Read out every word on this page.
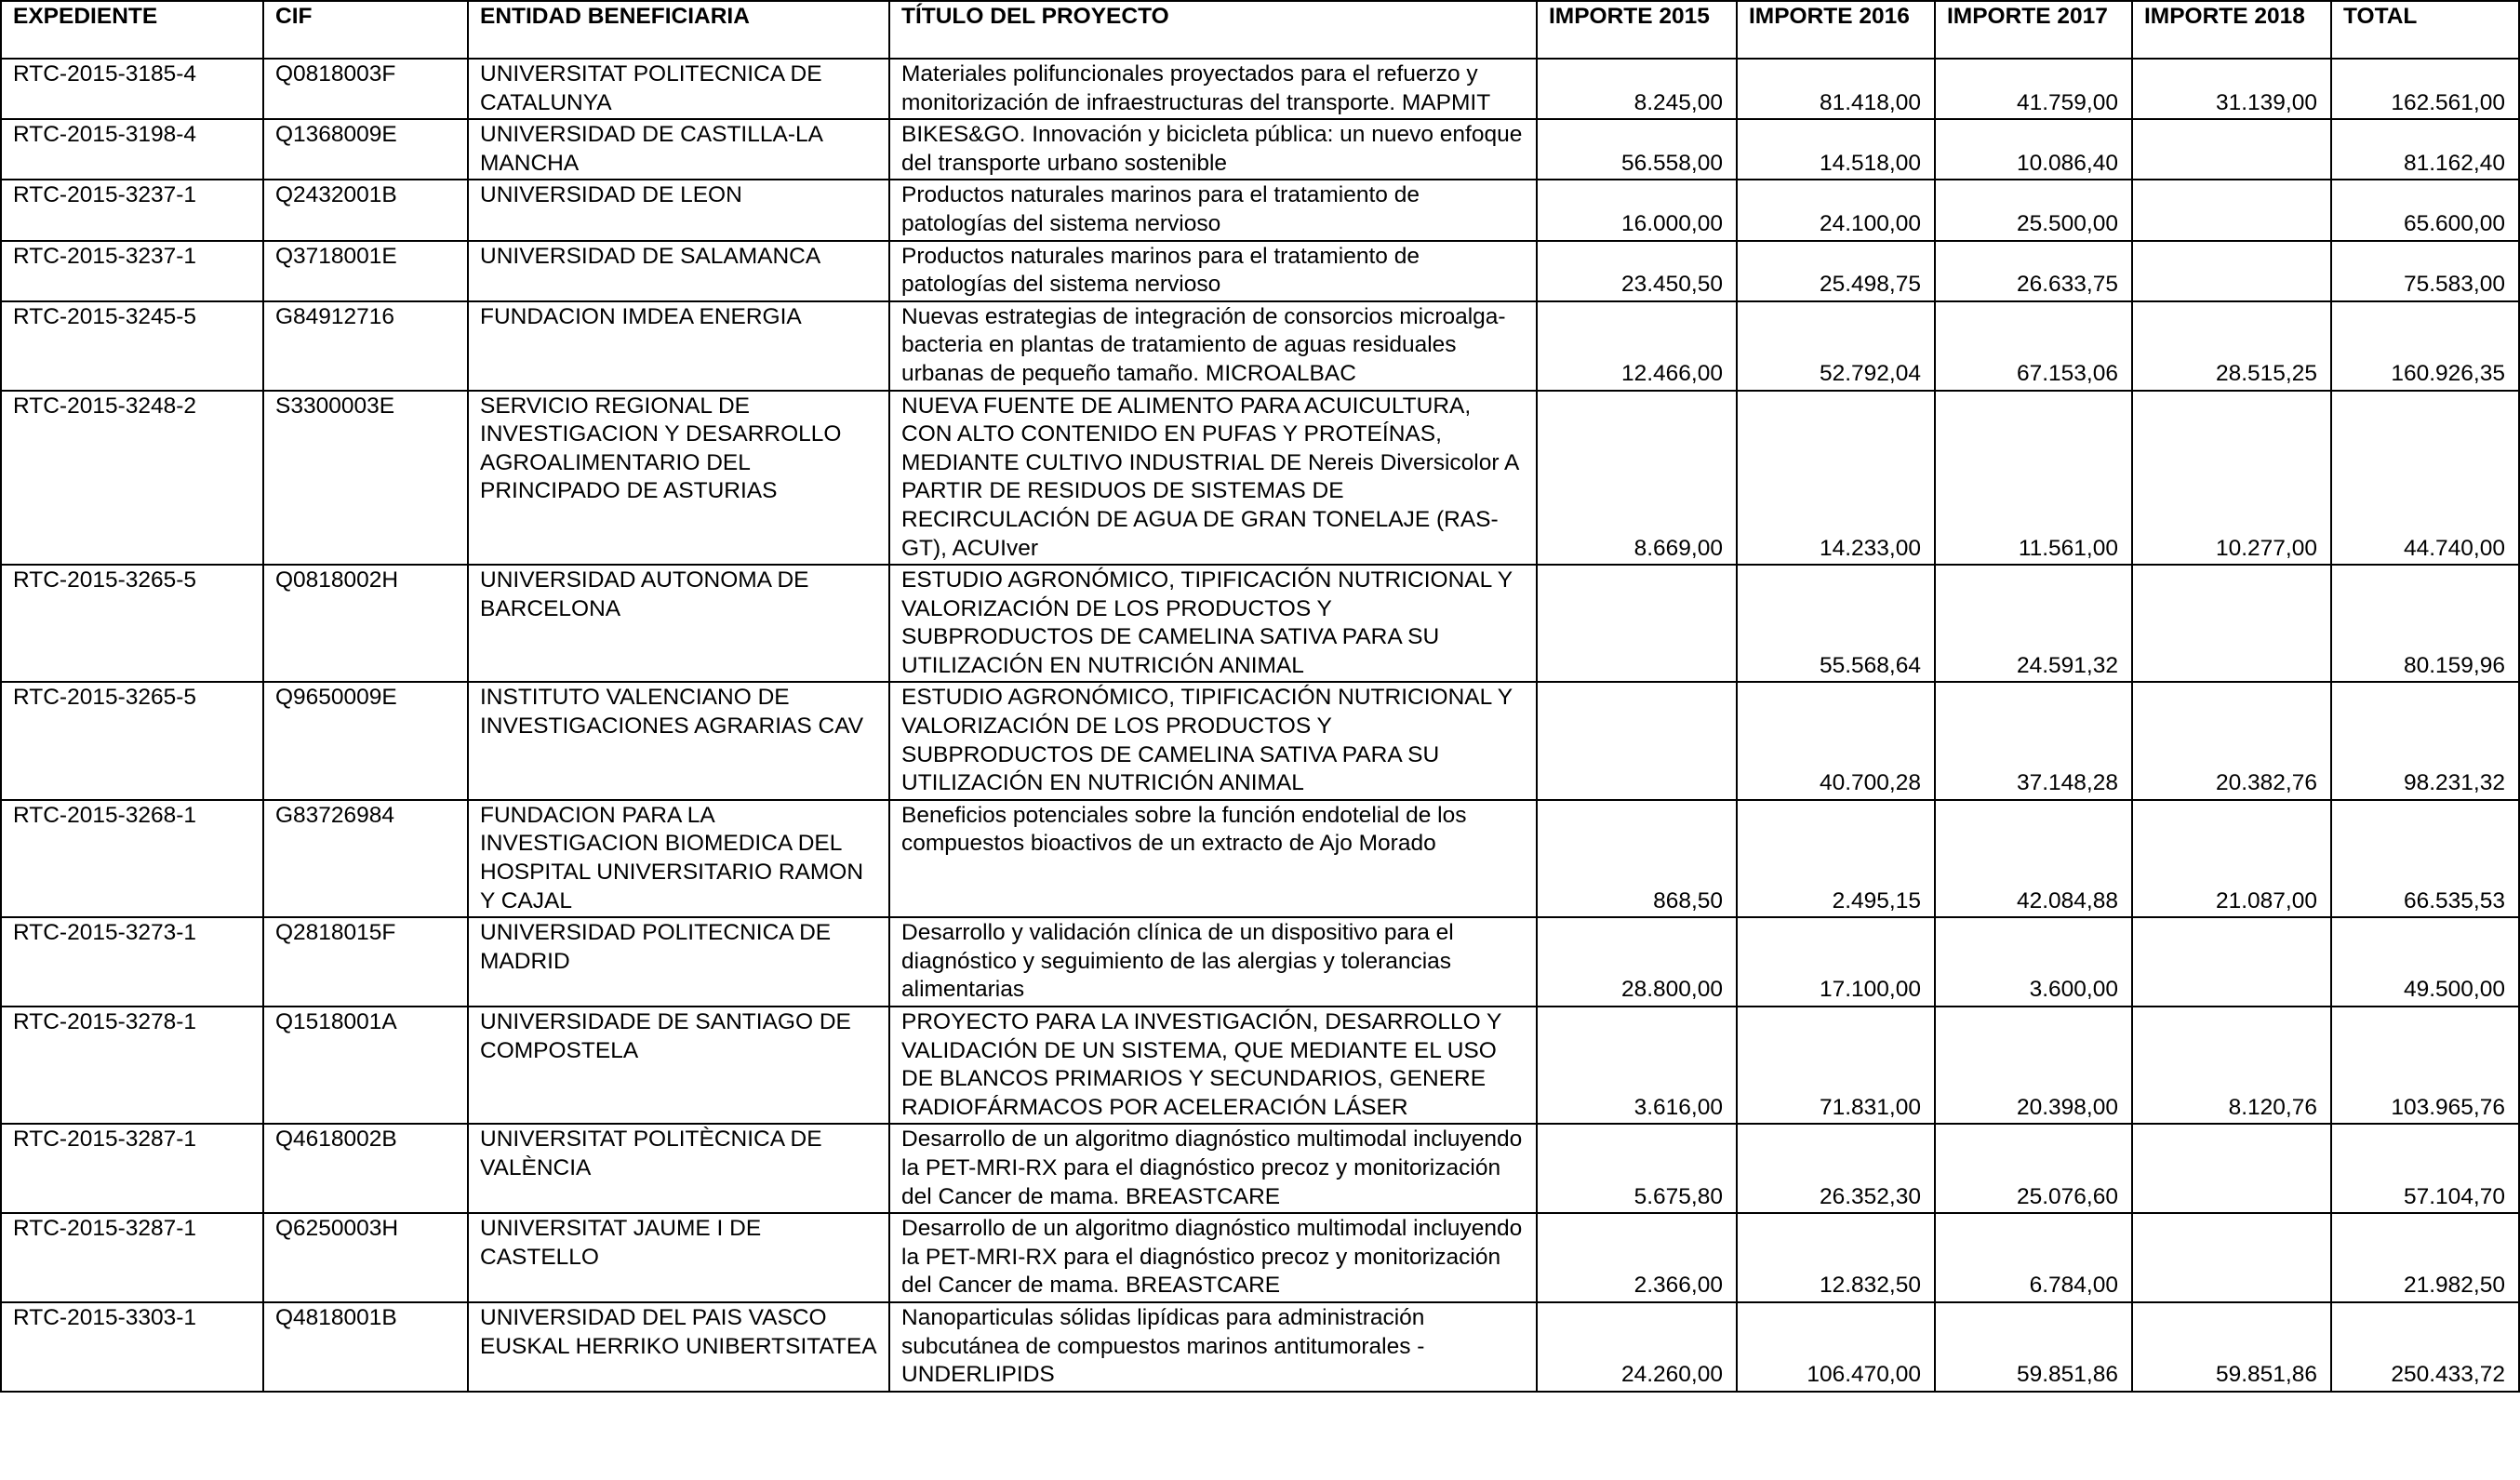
EXPEDIENTE	CIF	ENTIDAD BENEFICIARIA	TÍTULO DEL PROYECTO	IMPORTE 2015	IMPORTE 2016	IMPORTE 2017	IMPORTE 2018	TOTAL
RTC-2015-3185-4	Q0818003F	UNIVERSITAT POLITECNICA DE CATALUNYA	Materiales polifuncionales proyectados para el refuerzo y monitorización de infraestructuras del transporte. MAPMIT	8.245,00	81.418,00	41.759,00	31.139,00	162.561,00
RTC-2015-3198-4	Q1368009E	UNIVERSIDAD DE CASTILLA-LA MANCHA	BIKES&GO. Innovación y bicicleta pública: un nuevo enfoque del transporte urbano sostenible	56.558,00	14.518,00	10.086,40		81.162,40
RTC-2015-3237-1	Q2432001B	UNIVERSIDAD DE LEON	Productos naturales marinos para el tratamiento de patologías del sistema nervioso	16.000,00	24.100,00	25.500,00		65.600,00
RTC-2015-3237-1	Q3718001E	UNIVERSIDAD DE SALAMANCA	Productos naturales marinos para el tratamiento de patologías del sistema nervioso	23.450,50	25.498,75	26.633,75		75.583,00
RTC-2015-3245-5	G84912716	FUNDACION IMDEA ENERGIA	Nuevas estrategias de integración de consorcios microalga-bacteria en plantas de tratamiento de aguas residuales urbanas de pequeño tamaño. MICROALBAC	12.466,00	52.792,04	67.153,06	28.515,25	160.926,35
RTC-2015-3248-2	S3300003E	SERVICIO REGIONAL DE INVESTIGACION Y DESARROLLO AGROALIMENTARIO DEL PRINCIPADO DE ASTURIAS	NUEVA FUENTE DE ALIMENTO PARA ACUICULTURA, CON ALTO CONTENIDO EN PUFAS Y PROTEÍNAS, MEDIANTE CULTIVO INDUSTRIAL DE Nereis Diversicolor A PARTIR DE RESIDUOS DE SISTEMAS DE RECIRCULACIÓN DE AGUA DE GRAN TONELAJE (RAS-GT), ACUIver	8.669,00	14.233,00	11.561,00	10.277,00	44.740,00
RTC-2015-3265-5	Q0818002H	UNIVERSIDAD AUTONOMA DE BARCELONA	ESTUDIO AGRONÓMICO, TIPIFICACIÓN NUTRICIONAL Y VALORIZACIÓN DE LOS PRODUCTOS Y SUBPRODUCTOS DE CAMELINA SATIVA PARA SU UTILIZACIÓN EN NUTRICIÓN ANIMAL		55.568,64	24.591,32		80.159,96
RTC-2015-3265-5	Q9650009E	INSTITUTO VALENCIANO DE INVESTIGACIONES AGRARIAS CAV	ESTUDIO AGRONÓMICO, TIPIFICACIÓN NUTRICIONAL Y VALORIZACIÓN DE LOS PRODUCTOS Y SUBPRODUCTOS DE CAMELINA SATIVA PARA SU UTILIZACIÓN EN NUTRICIÓN ANIMAL		40.700,28	37.148,28	20.382,76	98.231,32
RTC-2015-3268-1	G83726984	FUNDACION PARA LA INVESTIGACION BIOMEDICA DEL HOSPITAL UNIVERSITARIO RAMON Y CAJAL	Beneficios potenciales sobre la función endotelial de los compuestos bioactivos de un extracto de Ajo Morado	868,50	2.495,15	42.084,88	21.087,00	66.535,53
RTC-2015-3273-1	Q2818015F	UNIVERSIDAD POLITECNICA DE MADRID	Desarrollo y validación clínica de un dispositivo para el diagnóstico y seguimiento de las alergias y tolerancias alimentarias	28.800,00	17.100,00	3.600,00		49.500,00
RTC-2015-3278-1	Q1518001A	UNIVERSIDADE DE SANTIAGO DE COMPOSTELA	PROYECTO PARA LA INVESTIGACIÓN, DESARROLLO Y VALIDACIÓN DE UN SISTEMA, QUE MEDIANTE EL USO DE BLANCOS PRIMARIOS Y SECUNDARIOS, GENERE RADIOFÁRMACOS POR ACELERACIÓN LÁSER	3.616,00	71.831,00	20.398,00	8.120,76	103.965,76
RTC-2015-3287-1	Q4618002B	UNIVERSITAT POLITÈCNICA DE VALÈNCIA	Desarrollo de un algoritmo diagnóstico multimodal incluyendo la PET-MRI-RX para el diagnóstico precoz y monitorización del Cancer de mama. BREASTCARE	5.675,80	26.352,30	25.076,60		57.104,70
RTC-2015-3287-1	Q6250003H	UNIVERSITAT JAUME I DE CASTELLO	Desarrollo de un algoritmo diagnóstico multimodal incluyendo la PET-MRI-RX para el diagnóstico precoz y monitorización del Cancer de mama. BREASTCARE	2.366,00	12.832,50	6.784,00		21.982,50
RTC-2015-3303-1	Q4818001B	UNIVERSIDAD DEL PAIS VASCO EUSKAL HERRIKO UNIBERTSITATEA	Nanoparticulas sólidas lipídicas para administración subcutánea de compuestos marinos antitumorales - UNDERLIPIDS	24.260,00	106.470,00	59.851,86	59.851,86	250.433,72
